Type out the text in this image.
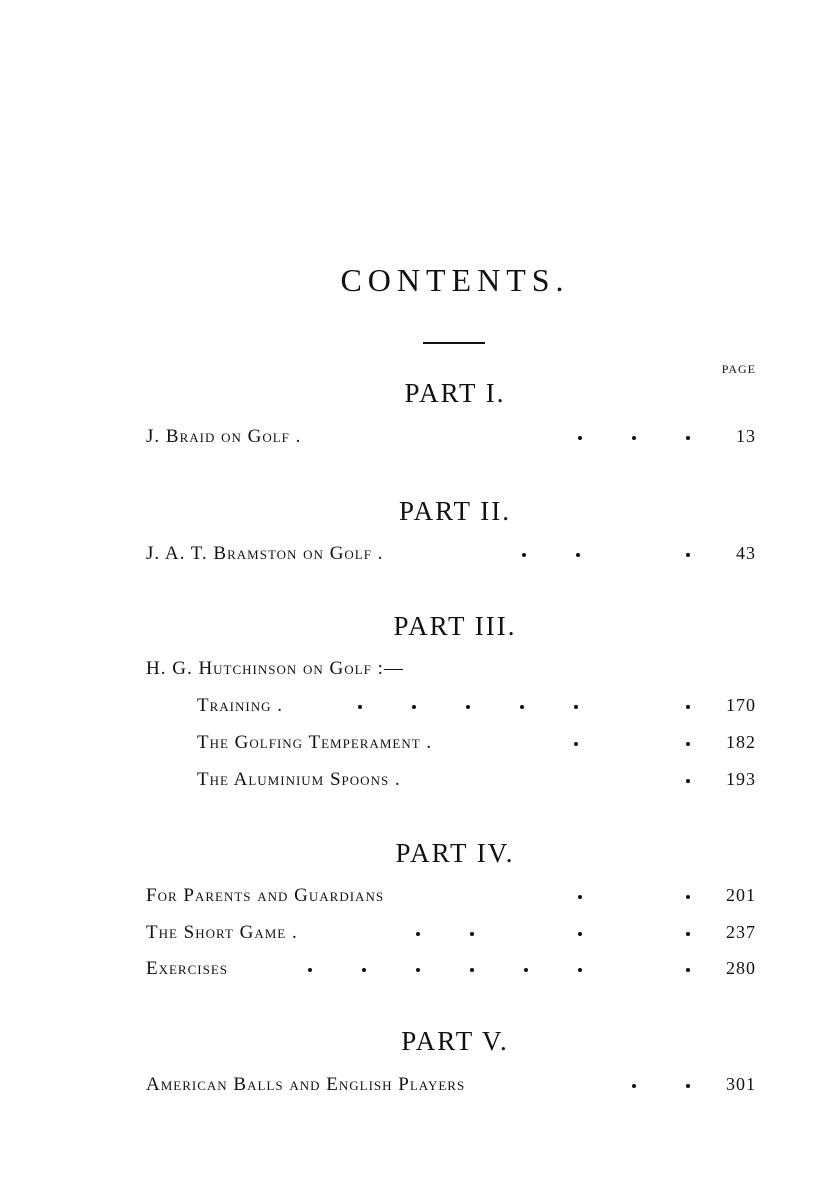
CONTENTS.
PAGE
PART I.
J. Braid on Golf .	13
PART II.
J. A. T. Bramston on Golf .	43
PART III.
H. G. Hutchinson on Golf :—
Training .	170
The Golfing Temperament .	182
The Aluminium Spoons .	193
PART IV.
For Parents and Guardians	201
The Short Game .	237
Exercises	280
PART V.
American Balls and English Players	301
